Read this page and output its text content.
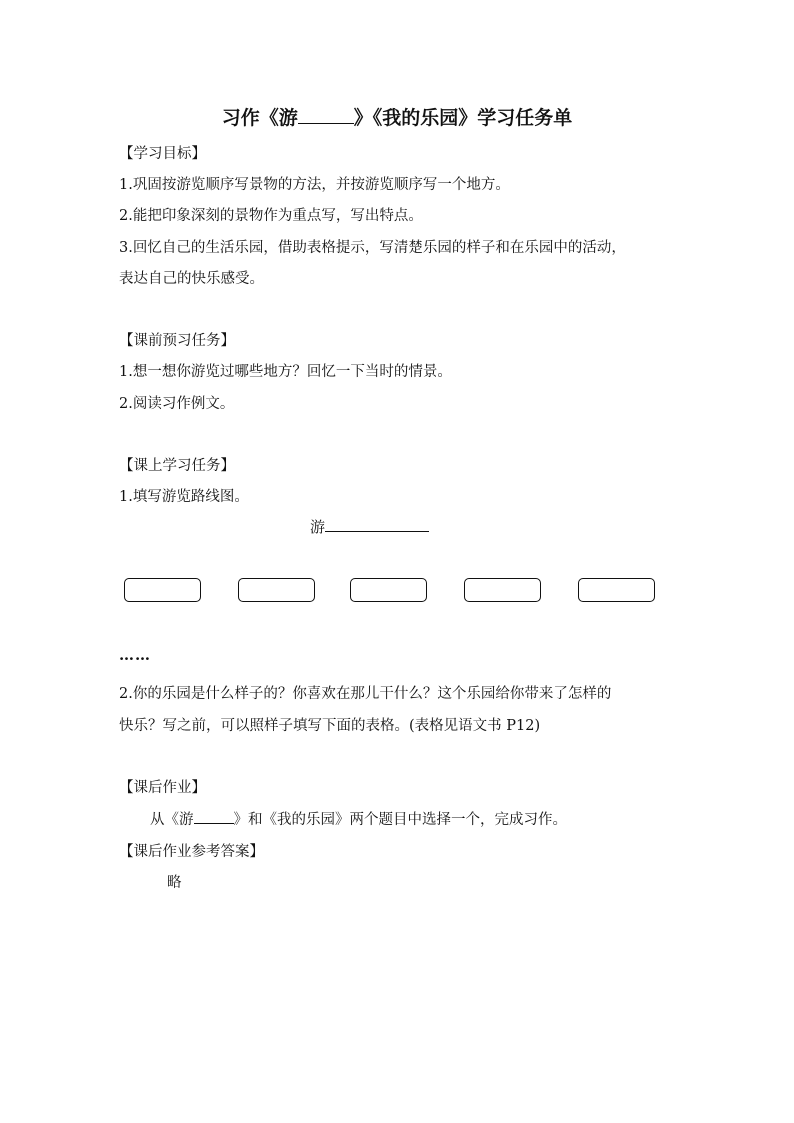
习作《游	》《我的乐园》学习任务单
【学习目标】
1.巩固按游览顺序写景物的方法，并按游览顺序写一个地方。
2.能把印象深刻的景物作为重点写，写出特点。
3.回忆自己的生活乐园，借助表格提示，写清楚乐园的样子和在乐园中的活动，
表达自己的快乐感受。
【课前预习任务】
1.想一想你游览过哪些地方？回忆一下当时的情景。
2.阅读习作例文。
【课上学习任务】
1.填写游览路线图。
游
……
2.你的乐园是什么样子的？你喜欢在那儿干什么？这个乐园给你带来了怎样的
快乐？写之前，可以照样子填写下面的表格。(表格见语文书 P12)
【课后作业】
从《游	》和《我的乐园》两个题目中选择一个，完成习作。
【课后作业参考答案】
略
